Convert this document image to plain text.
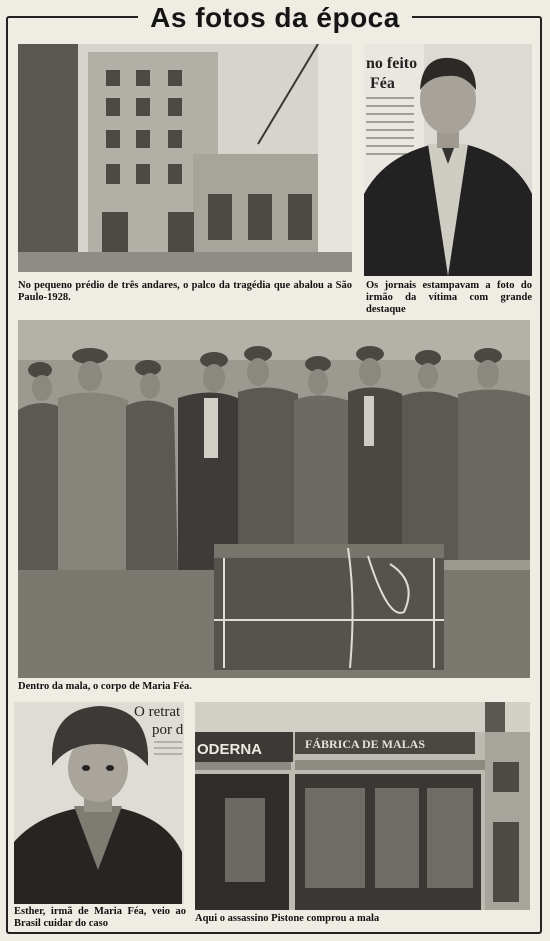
As fotos da época
No pequeno prédio de três andares, o palco da tragédia que abalou a São Paulo-1928.
no feito
Féa
Os jornais estampavam a foto do irmão da vítima com grande destaque
Dentro da mala, o corpo de Maria Féa.
O retrat
por d
Esther, irmã de Maria Féa, veio ao Brasil cuidar do caso
ODERNA	FÁBRICA DE MALAS
Aqui o assassino Pistone comprou a mala
